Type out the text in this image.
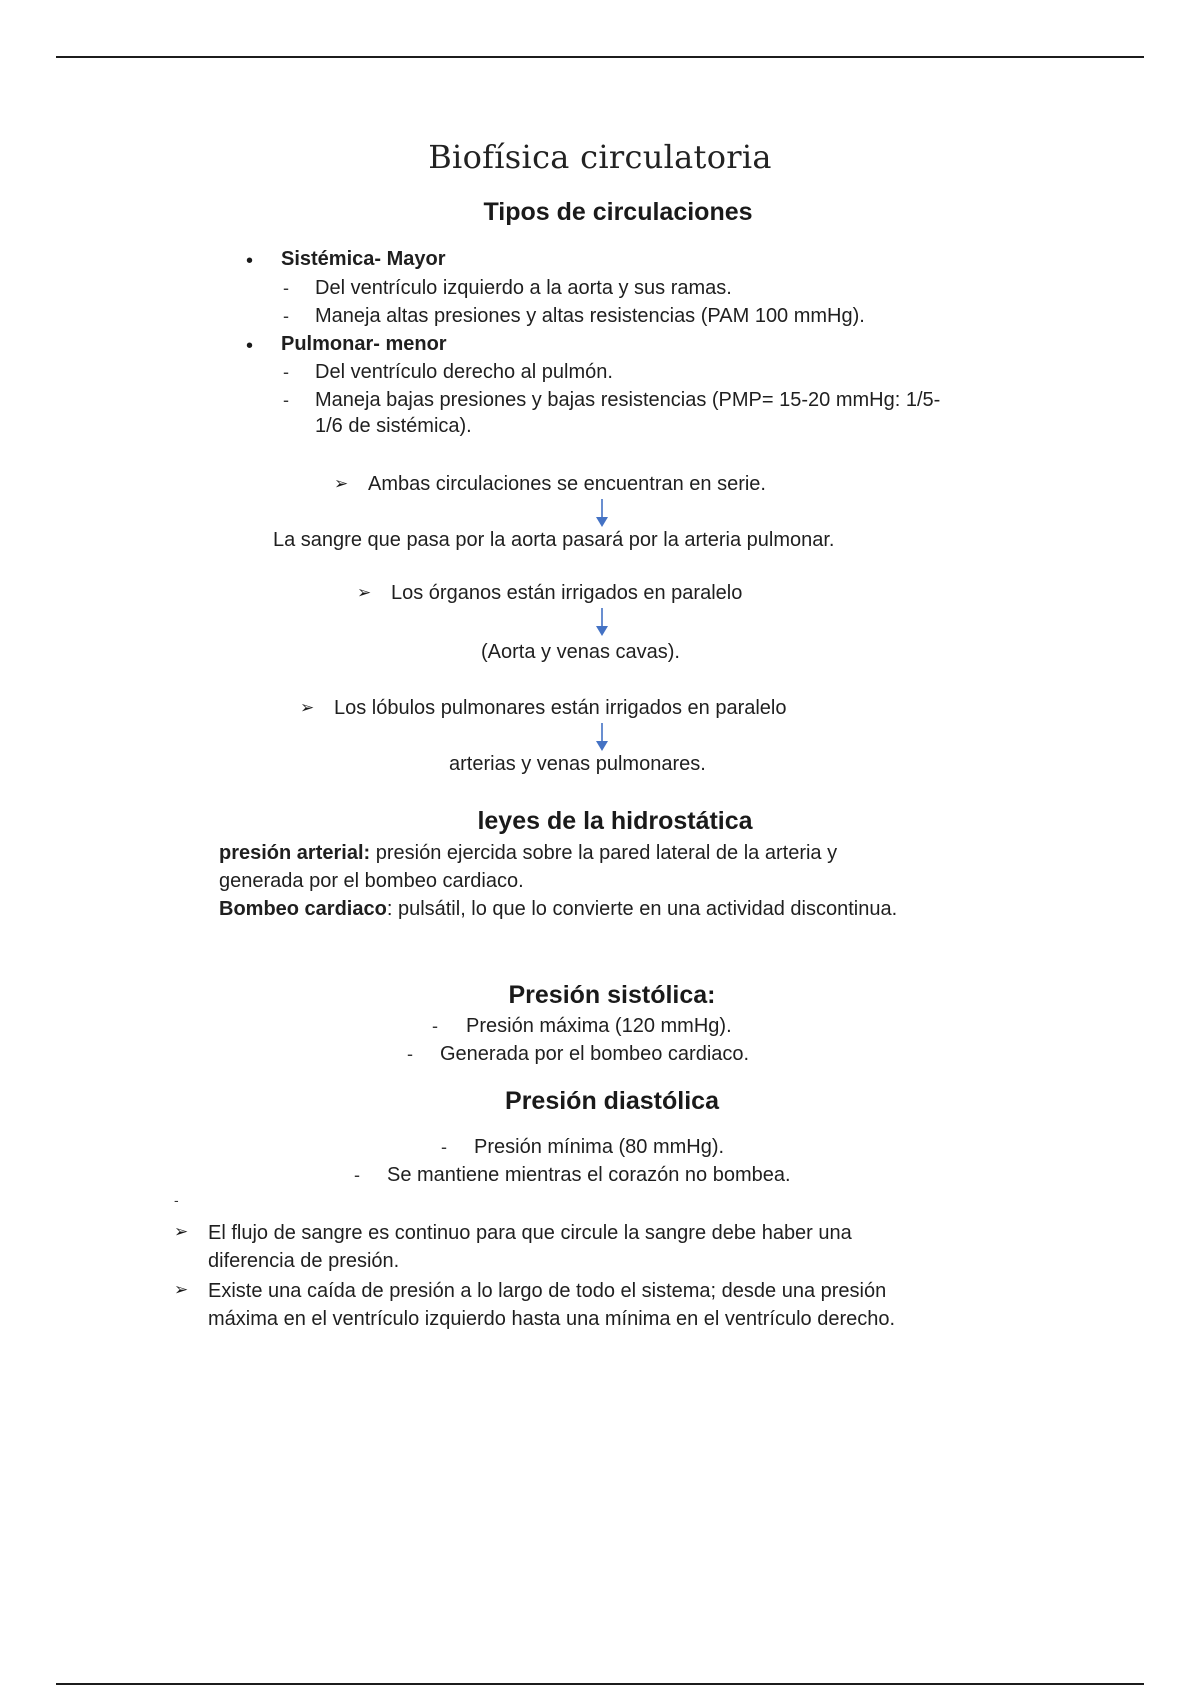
Biofísica circulatoria
Tipos de circulaciones
• Sistémica- Mayor
- Del ventrículo izquierdo a la aorta y sus ramas.
- Maneja altas presiones y altas resistencias (PAM 100 mmHg).
• Pulmonar- menor
- Del ventrículo derecho al pulmón.
- Maneja bajas presiones y bajas resistencias (PMP= 15-20 mmHg: 1/5-
1/6 de sistémica).
➢ Ambas circulaciones se encuentran en serie.
La sangre que pasa por la aorta pasará por la arteria pulmonar.
➢ Los órganos están irrigados en paralelo
(Aorta y venas cavas).
➢ Los lóbulos pulmonares están irrigados en paralelo
arterias y venas pulmonares.
leyes de la hidrostática
presión arterial: presión ejercida sobre la pared lateral de la arteria y
generada por el bombeo cardiaco.
Bombeo cardiaco: pulsátil, lo que lo convierte en una actividad discontinua.
Presión sistólica:
- Presión máxima (120 mmHg).
- Generada por el bombeo cardiaco.
Presión diastólica
- Presión mínima (80 mmHg).
- Se mantiene mientras el corazón no bombea.
-
➢ El flujo de sangre es continuo para que circule la sangre debe haber una
diferencia de presión.
➢ Existe una caída de presión a lo largo de todo el sistema; desde una presión
máxima en el ventrículo izquierdo hasta una mínima en el ventrículo derecho.
